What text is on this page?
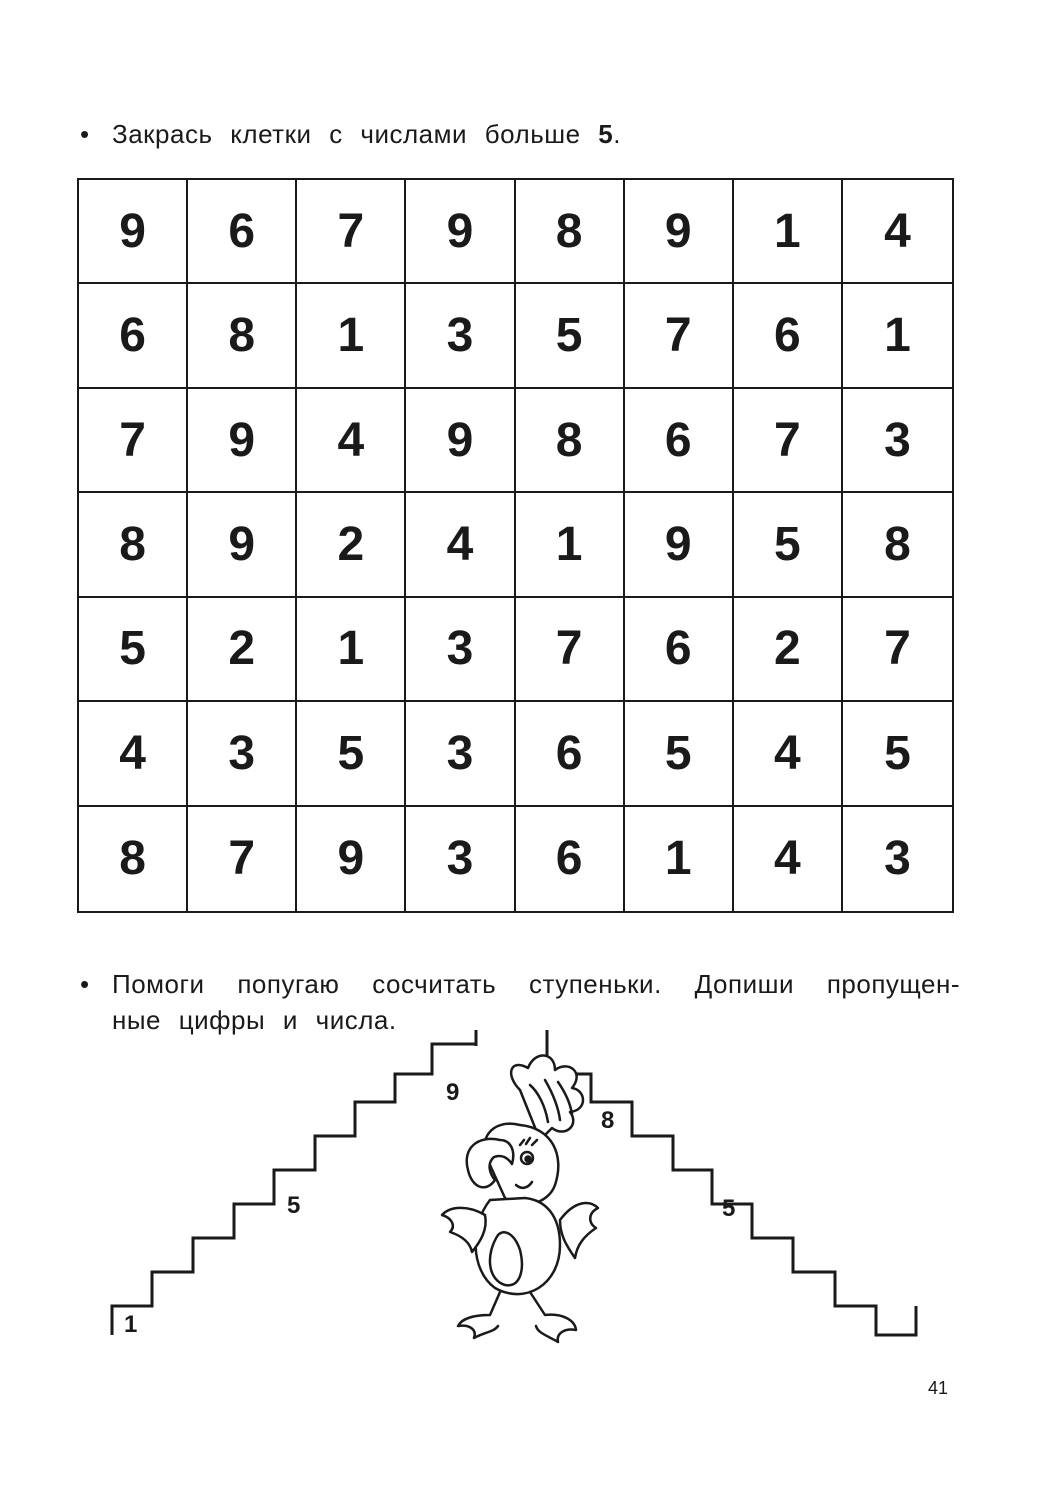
• Закрась клетки с числами больше 5.
9	6	7	9	8	9	1	4
6	8	1	3	5	7	6	1
7	9	4	9	8	6	7	3
8	9	2	4	1	9	5	8
5	2	1	3	7	6	2	7
4	3	5	3	6	5	4	5
8	7	9	3	6	1	4	3
• Помоги попугаю сосчитать ступеньки. Допиши пропущен-
ные цифры и числа.
1
5
9
8
5
41
